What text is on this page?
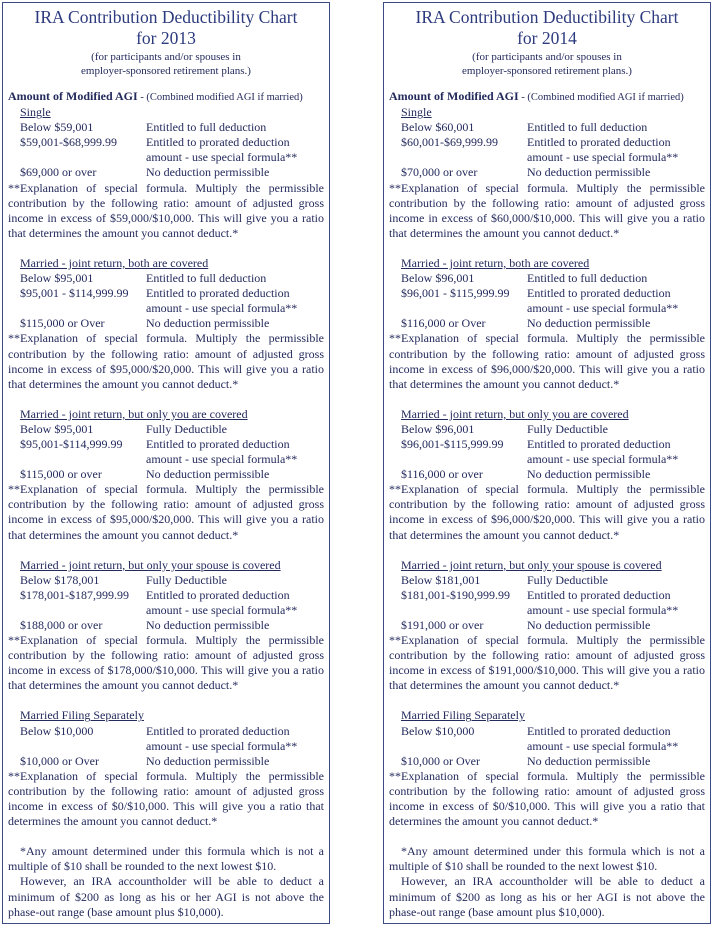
IRA Contribution Deductibility Chart
for 2013
(for participants and/or spouses in
employer-sponsored retirement plans.)
Amount of Modified AGI - (Combined modified AGI if married)
Single
Below $59,001	Entitled to full deduction
$59,001-$68,999.99	Entitled to prorated deduction amount - use special formula**
$69,000 or over	No deduction permissible
**Explanation of special formula. Multiply the permissible contribution by the following ratio: amount of adjusted gross income in excess of $59,000/$10,000. This will give you a ratio that determines the amount you cannot deduct.*
Married - joint return, both are covered
Below $95,001	Entitled to full deduction
$95,001 - $114,999.99	Entitled to prorated deduction amount - use special formula**
$115,000 or Over	No deduction permissible
**Explanation of special formula. Multiply the permissible contribution by the following ratio: amount of adjusted gross income in excess of $95,000/$20,000. This will give you a ratio that determines the amount you cannot deduct.*
Married - joint return, but only you are covered
Below $95,001	Fully Deductible
$95,001-$114,999.99	Entitled to prorated deduction amount - use special formula**
$115,000 or over	No deduction permissible
**Explanation of special formula. Multiply the permissible contribution by the following ratio: amount of adjusted gross income in excess of $95,000/$20,000. This will give you a ratio that determines the amount you cannot deduct.*
Married - joint return, but only your spouse is covered
Below $178,001	Fully Deductible
$178,001-$187,999.99	Entitled to prorated deduction amount - use special formula**
$188,000 or over	No deduction permissible
**Explanation of special formula. Multiply the permissible contribution by the following ratio: amount of adjusted gross income in excess of $178,000/$10,000. This will give you a ratio that determines the amount you cannot deduct.*
Married Filing Separately
Below $10,000	Entitled to prorated deduction amount - use special formula**
$10,000 or Over	No deduction permissible
**Explanation of special formula. Multiply the permissible contribution by the following ratio: amount of adjusted gross income in excess of $0/$10,000. This will give you a ratio that determines the amount you cannot deduct.*
*Any amount determined under this formula which is not a multiple of $10 shall be rounded to the next lowest $10.
However, an IRA accountholder will be able to deduct a minimum of $200 as long as his or her AGI is not above the phase-out range (base amount plus $10,000).
IRA Contribution Deductibility Chart
for 2014
(for participants and/or spouses in
employer-sponsored retirement plans.)
Amount of Modified AGI - (Combined modified AGI if married)
Single
Below $60,001	Entitled to full deduction
$60,001-$69,999.99	Entitled to prorated deduction amount - use special formula**
$70,000 or over	No deduction permissible
**Explanation of special formula. Multiply the permissible contribution by the following ratio: amount of adjusted gross income in excess of $60,000/$10,000. This will give you a ratio that determines the amount you cannot deduct.*
Married - joint return, both are covered
Below $96,001	Entitled to full deduction
$96,001 - $115,999.99	Entitled to prorated deduction amount - use special formula**
$116,000 or Over	No deduction permissible
**Explanation of special formula. Multiply the permissible contribution by the following ratio: amount of adjusted gross income in excess of $96,000/$20,000. This will give you a ratio that determines the amount you cannot deduct.*
Married - joint return, but only you are covered
Below $96,001	Fully Deductible
$96,001-$115,999.99	Entitled to prorated deduction amount - use special formula**
$116,000 or over	No deduction permissible
**Explanation of special formula. Multiply the permissible contribution by the following ratio: amount of adjusted gross income in excess of $96,000/$20,000. This will give you a ratio that determines the amount you cannot deduct.*
Married - joint return, but only your spouse is covered
Below $181,001	Fully Deductible
$181,001-$190,999.99	Entitled to prorated deduction amount - use special formula**
$191,000 or over	No deduction permissible
**Explanation of special formula. Multiply the permissible contribution by the following ratio: amount of adjusted gross income in excess of $191,000/$10,000. This will give you a ratio that determines the amount you cannot deduct.*
Married Filing Separately
Below $10,000	Entitled to prorated deduction amount - use special formula**
$10,000 or Over	No deduction permissible
**Explanation of special formula. Multiply the permissible contribution by the following ratio: amount of adjusted gross income in excess of $0/$10,000. This will give you a ratio that determines the amount you cannot deduct.*
*Any amount determined under this formula which is not a multiple of $10 shall be rounded to the next lowest $10.
However, an IRA accountholder will be able to deduct a minimum of $200 as long as his or her AGI is not above the phase-out range (base amount plus $10,000).
